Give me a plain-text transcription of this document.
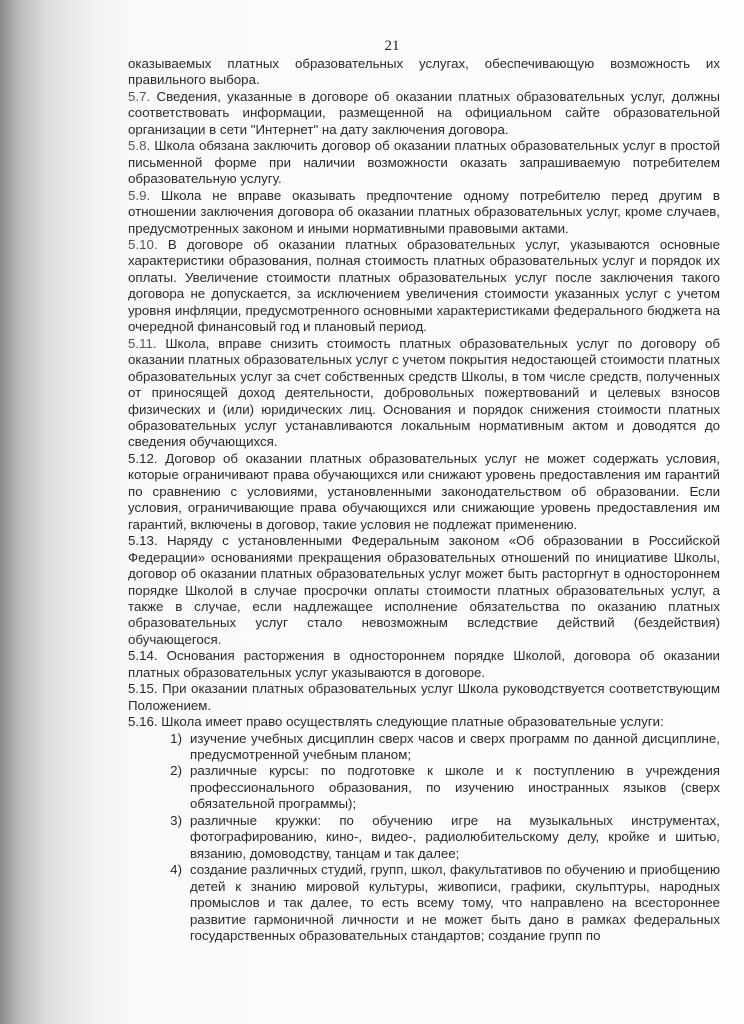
21

оказываемых платных образовательных услугах, обеспечивающую возможность их правильного выбора.

5.7. Сведения, указанные в договоре об оказании платных образовательных услуг, должны соответствовать информации, размещенной на официальном сайте образовательной организации в сети "Интернет" на дату заключения договора.

5.8. Школа обязана заключить договор об оказании платных образовательных услуг в простой письменной форме при наличии возможности оказать запрашиваемую потребителем образовательную услугу.

5.9. Школа не вправе оказывать предпочтение одному потребителю перед другим в отношении заключения договора об оказании платных образовательных услуг, кроме случаев, предусмотренных законом и иными нормативными правовыми актами.

5.10. В договоре об оказании платных образовательных услуг, указываются основные характеристики образования, полная стоимость платных образовательных услуг и порядок их оплаты. Увеличение стоимости платных образовательных услуг после заключения такого договора не допускается, за исключением увеличения стоимости указанных услуг с учетом уровня инфляции, предусмотренного основными характеристиками федерального бюджета на очередной финансовый год и плановый период.

5.11. Школа, вправе снизить стоимость платных образовательных услуг по договору об оказании платных образовательных услуг с учетом покрытия недостающей стоимости платных образовательных услуг за счет собственных средств Школы, в том числе средств, полученных от приносящей доход деятельности, добровольных пожертвований и целевых взносов физических и (или) юридических лиц. Основания и порядок снижения стоимости платных образовательных услуг устанавливаются локальным нормативным актом и доводятся до сведения обучающихся.

5.12. Договор об оказании платных образовательных услуг не может содержать условия, которые ограничивают права обучающихся или снижают уровень предоставления им гарантий по сравнению с условиями, установленными законодательством об образовании. Если условия, ограничивающие права обучающихся или снижающие уровень предоставления им гарантий, включены в договор, такие условия не подлежат применению.

5.13. Наряду с установленными Федеральным законом «Об образовании в Российской Федерации» основаниями прекращения образовательных отношений по инициативе Школы, договор об оказании платных образовательных услуг может быть расторгнут в одностороннем порядке Школой в случае просрочки оплаты стоимости платных образовательных услуг, а также в случае, если надлежащее исполнение обязательства по оказанию платных образовательных услуг стало невозможным вследствие действий (бездействия) обучающегося.

5.14. Основания расторжения в одностороннем порядке Школой, договора об оказании платных образовательных услуг указываются в договоре.

5.15. При оказании платных образовательных услуг Школа руководствуется соответствующим Положением.

5.16. Школа имеет право осуществлять следующие платные образовательные услуги:

1) изучение учебных дисциплин сверх часов и сверх программ по данной дисциплине, предусмотренной учебным планом;
2) различные курсы: по подготовке к школе и к поступлению в учреждения профессионального образования, по изучению иностранных языков (сверх обязательной программы);
3) различные кружки: по обучению игре на музыкальных инструментах, фотографированию, кино-, видео-, радиолюбительскому делу, кройке и шитью, вязанию, домоводству, танцам и так далее;
4) создание различных студий, групп, школ, факультативов по обучению и приобщению детей к знанию мировой культуры, живописи, графики, скульптуры, народных промыслов и так далее, то есть всему тому, что направлено на всестороннее развитие гармоничной личности и не может быть дано в рамках федеральных государственных образовательных стандартов; создание групп по
